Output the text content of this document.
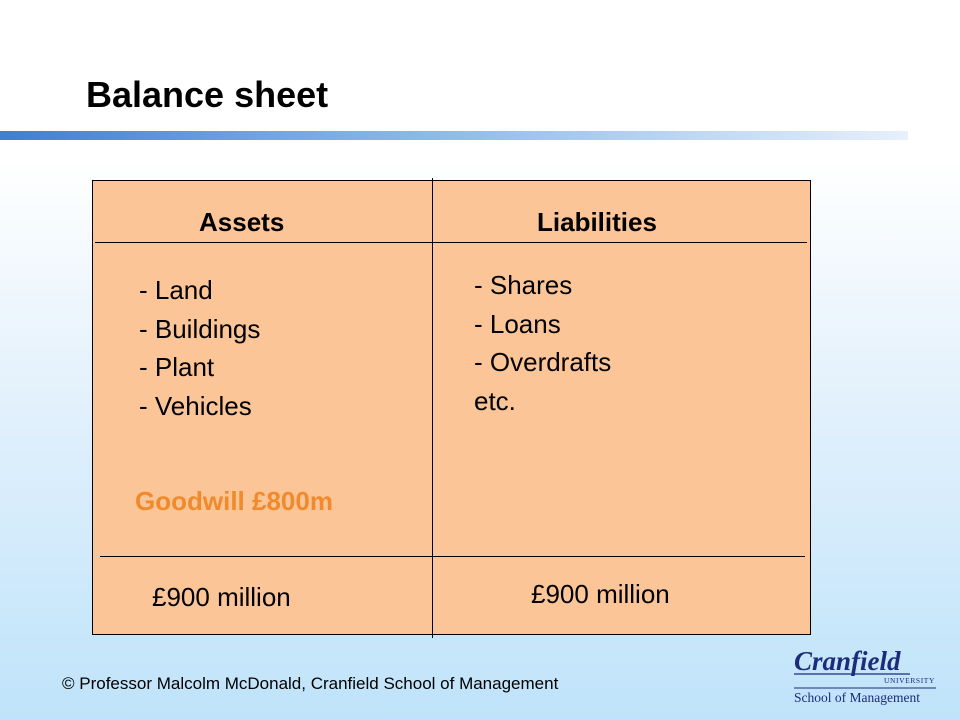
Balance sheet
Assets	Liabilities
- Land
- Buildings
- Plant
- Vehicles
- Shares
- Loans
- Overdrafts
etc.
Goodwill £800m
£900 million	£900 million
© Professor Malcolm McDonald, Cranfield School of Management
Cranfield
UNIVERSITY
School of Management
